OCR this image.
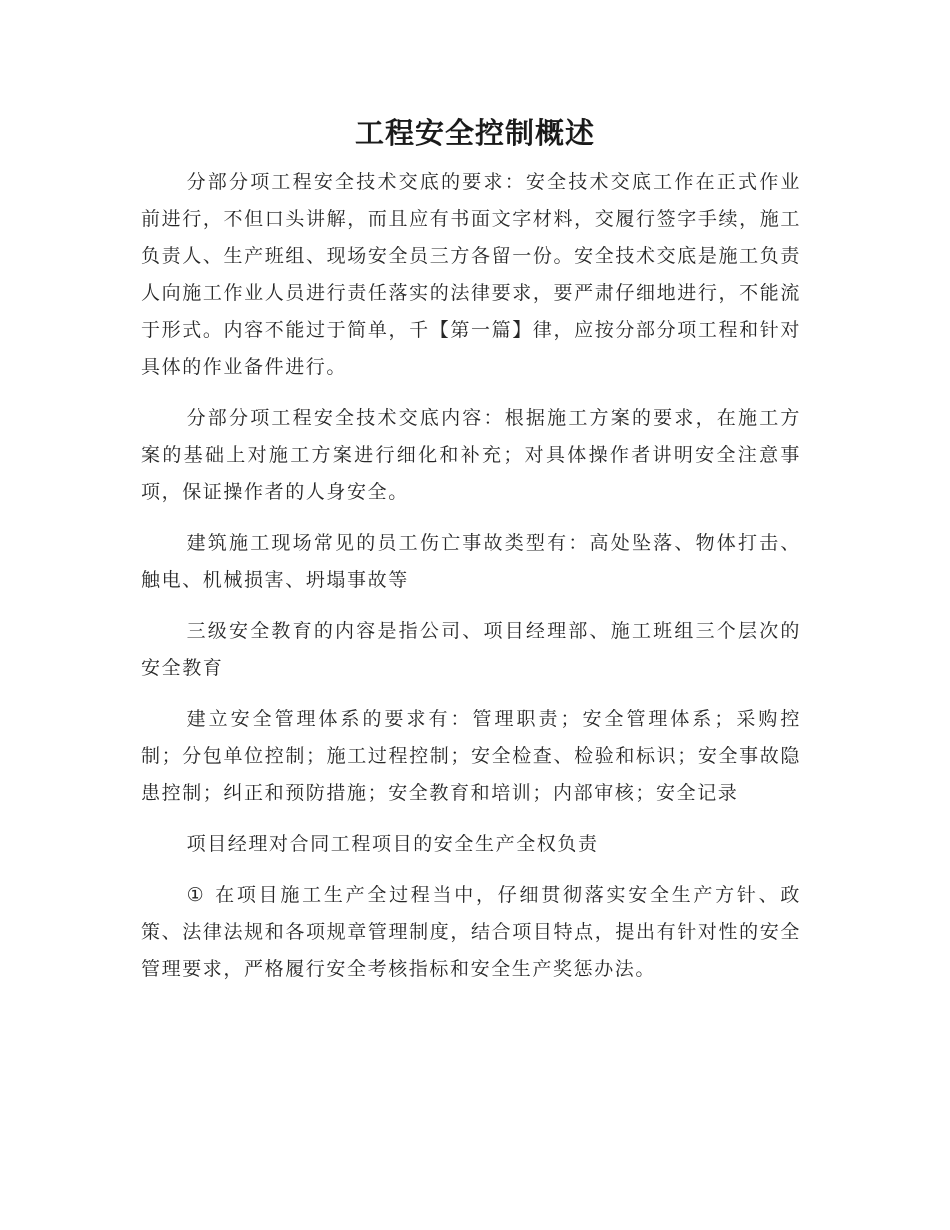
工程安全控制概述

分部分项工程安全技术交底的要求：安全技术交底工作在正式作业前进行，不但口头讲解，而且应有书面文字材料，交履行签字手续，施工负责人、生产班组、现场安全员三方各留一份。安全技术交底是施工负责人向施工作业人员进行责任落实的法律要求，要严肃仔细地进行，不能流于形式。内容不能过于简单，千【第一篇】律，应按分部分项工程和针对具体的作业备件进行。

分部分项工程安全技术交底内容：根据施工方案的要求，在施工方案的基础上对施工方案进行细化和补充；对具体操作者讲明安全注意事项，保证操作者的人身安全。

建筑施工现场常见的员工伤亡事故类型有：高处坠落、物体打击、触电、机械损害、坍塌事故等

三级安全教育的内容是指公司、项目经理部、施工班组三个层次的安全教育

建立安全管理体系的要求有：管理职责；安全管理体系；采购控制；分包单位控制；施工过程控制；安全检查、检验和标识；安全事故隐患控制；纠正和预防措施；安全教育和培训；内部审核；安全记录

项目经理对合同工程项目的安全生产全权负责

① 在项目施工生产全过程当中，仔细贯彻落实安全生产方针、政策、法律法规和各项规章管理制度，结合项目特点，提出有针对性的安全管理要求，严格履行安全考核指标和安全生产奖惩办法。
